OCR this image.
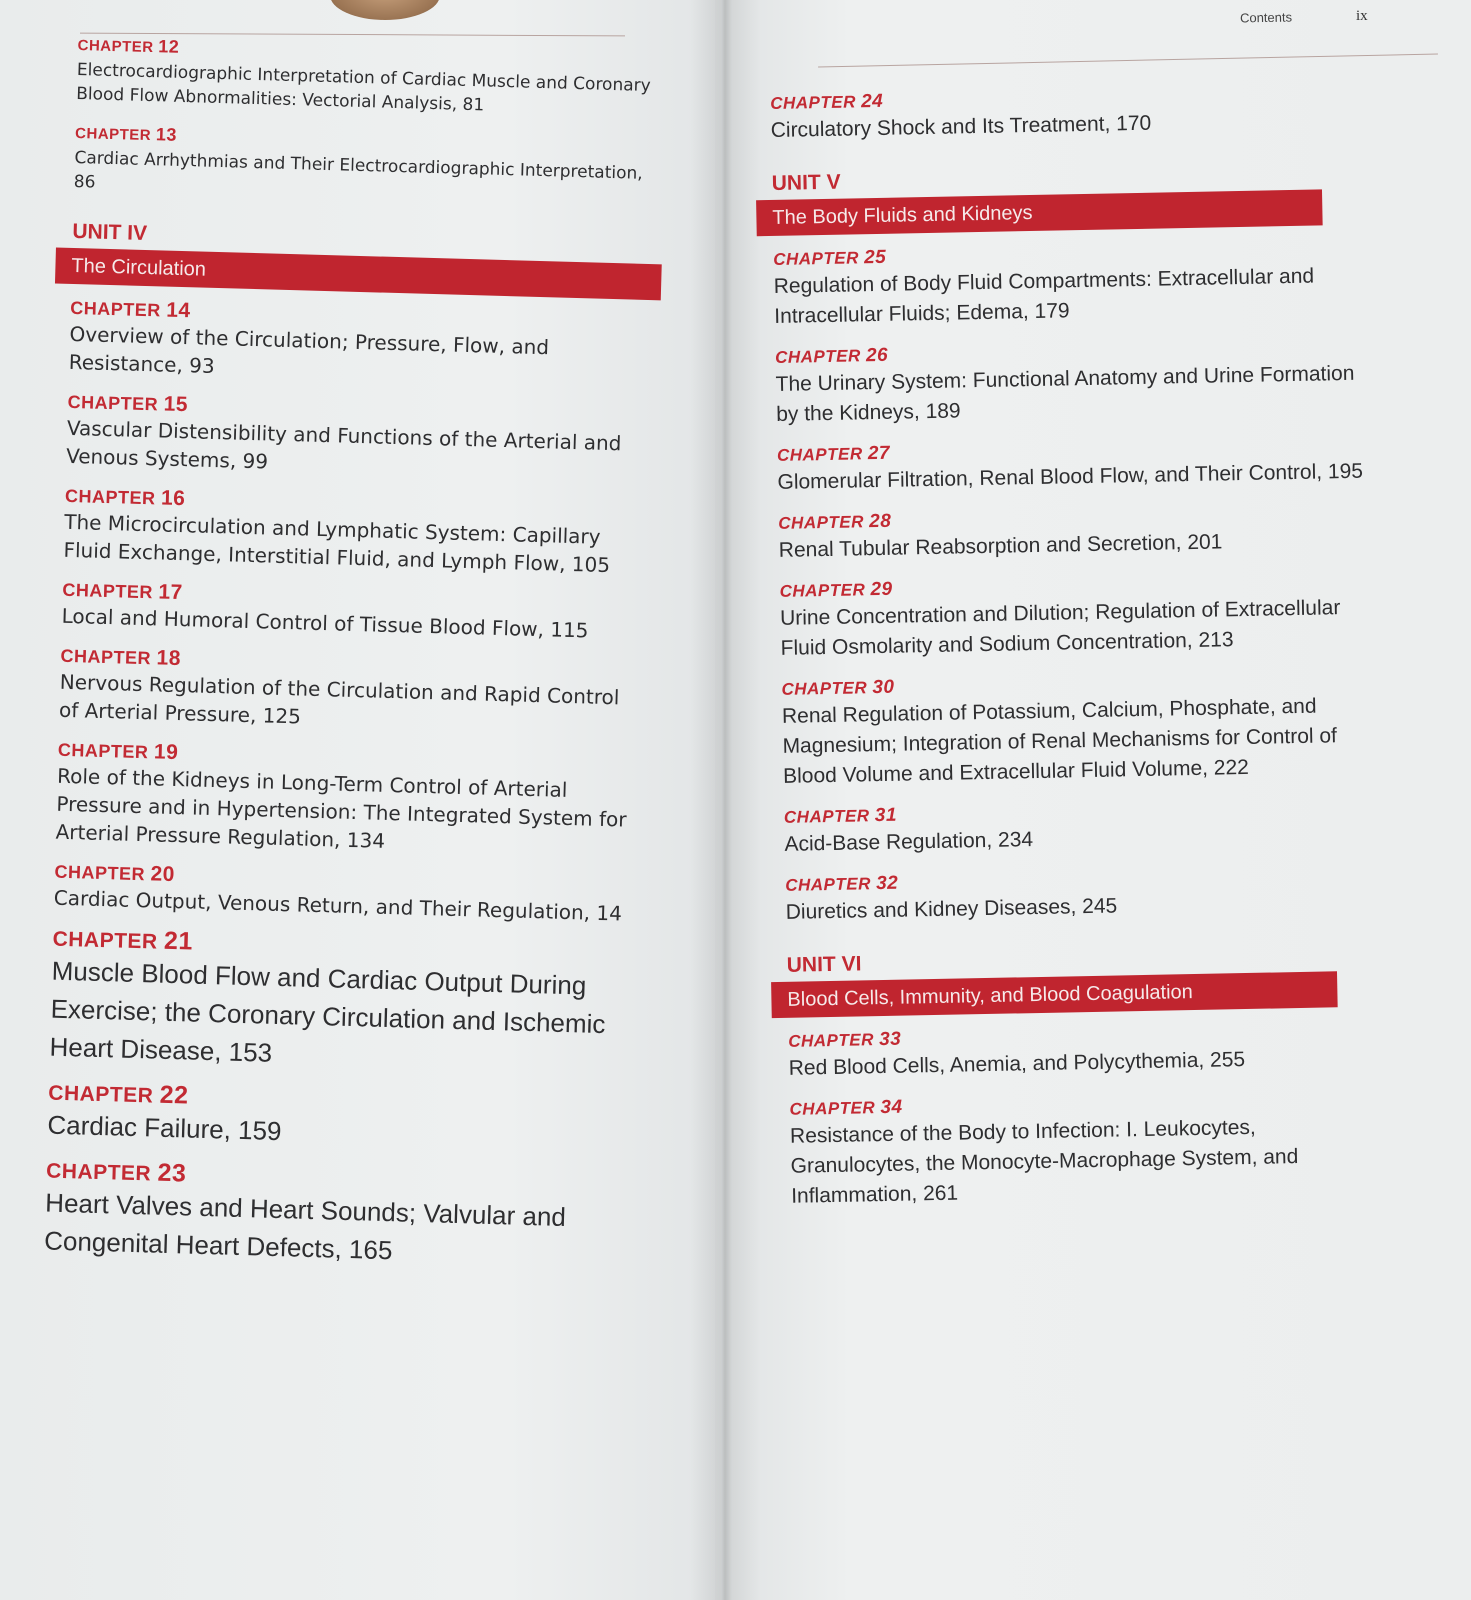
Contents	ix
CHAPTER 12
Electrocardiographic Interpretation of Cardiac Muscle and Coronary Blood Flow Abnormalities: Vectorial Analysis, 81
CHAPTER 13
Cardiac Arrhythmias and Their Electrocardiographic Interpretation, 86
UNIT IV
The Circulation
CHAPTER 14
Overview of the Circulation; Pressure, Flow, and Resistance, 93
CHAPTER 15
Vascular Distensibility and Functions of the Arterial and Venous Systems, 99
CHAPTER 16
The Microcirculation and Lymphatic System: Capillary Fluid Exchange, Interstitial Fluid, and Lymph Flow, 105
CHAPTER 17
Local and Humoral Control of Tissue Blood Flow, 115
CHAPTER 18
Nervous Regulation of the Circulation and Rapid Control of Arterial Pressure, 125
CHAPTER 19
Role of the Kidneys in Long-Term Control of Arterial Pressure and in Hypertension: The Integrated System for Arterial Pressure Regulation, 134
CHAPTER 20
Cardiac Output, Venous Return, and Their Regulation, 14
CHAPTER 21
Muscle Blood Flow and Cardiac Output During Exercise; the Coronary Circulation and Ischemic Heart Disease, 153
CHAPTER 22
Cardiac Failure, 159
CHAPTER 23
Heart Valves and Heart Sounds; Valvular and Congenital Heart Defects, 165
CHAPTER 24
Circulatory Shock and Its Treatment, 170
UNIT V
The Body Fluids and Kidneys
CHAPTER 25
Regulation of Body Fluid Compartments: Extracellular and Intracellular Fluids; Edema, 179
CHAPTER 26
The Urinary System: Functional Anatomy and Urine Formation by the Kidneys, 189
CHAPTER 27
Glomerular Filtration, Renal Blood Flow, and Their Control, 195
CHAPTER 28
Renal Tubular Reabsorption and Secretion, 201
CHAPTER 29
Urine Concentration and Dilution; Regulation of Extracellular Fluid Osmolarity and Sodium Concentration, 213
CHAPTER 30
Renal Regulation of Potassium, Calcium, Phosphate, and Magnesium; Integration of Renal Mechanisms for Control of Blood Volume and Extracellular Fluid Volume, 222
CHAPTER 31
Acid-Base Regulation, 234
CHAPTER 32
Diuretics and Kidney Diseases, 245
UNIT VI
Blood Cells, Immunity, and Blood Coagulation
CHAPTER 33
Red Blood Cells, Anemia, and Polycythemia, 255
CHAPTER 34
Resistance of the Body to Infection: I. Leukocytes, Granulocytes, the Monocyte-Macrophage System, and Inflammation, 261
